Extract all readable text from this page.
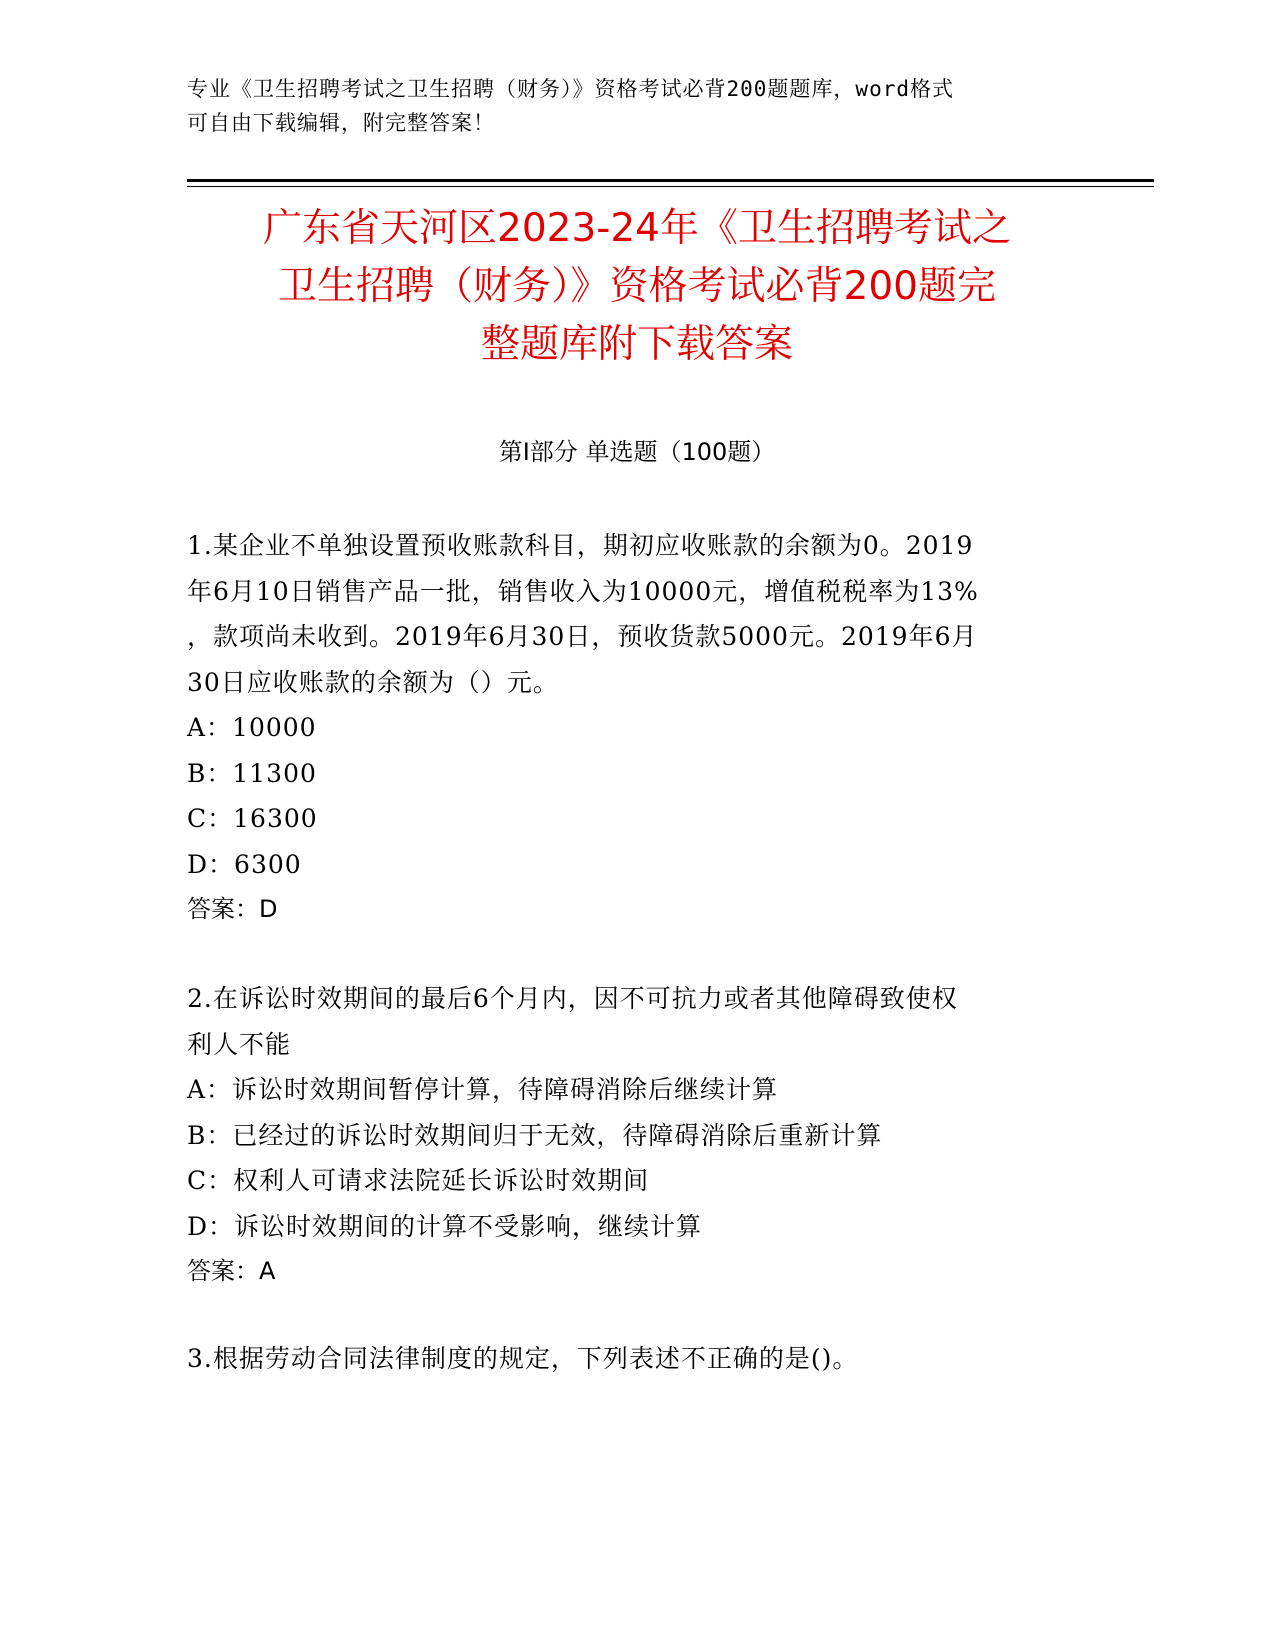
专业《卫生招聘考试之卫生招聘（财务）》资格考试必背200题题库，word格式
可自由下载编辑，附完整答案！
广东省天河区2023-24年《卫生招聘考试之
卫生招聘（财务）》资格考试必背200题完
整题库附下载答案
第I部分 单选题（100题）
1.某企业不单独设置预收账款科目，期初应收账款的余额为0。2019
年6月10日销售产品一批，销售收入为10000元，增值税税率为13%
，款项尚未收到。2019年6月30日，预收货款5000元。2019年6月
30日应收账款的余额为（）元。
A：10000
B：11300
C：16300
D：6300
答案：D
2.在诉讼时效期间的最后6个月内，因不可抗力或者其他障碍致使权
利人不能
A：诉讼时效期间暂停计算，待障碍消除后继续计算
B：已经过的诉讼时效期间归于无效，待障碍消除后重新计算
C：权利人可请求法院延长诉讼时效期间
D：诉讼时效期间的计算不受影响，继续计算
答案：A
3.根据劳动合同法律制度的规定，下列表述不正确的是()。
